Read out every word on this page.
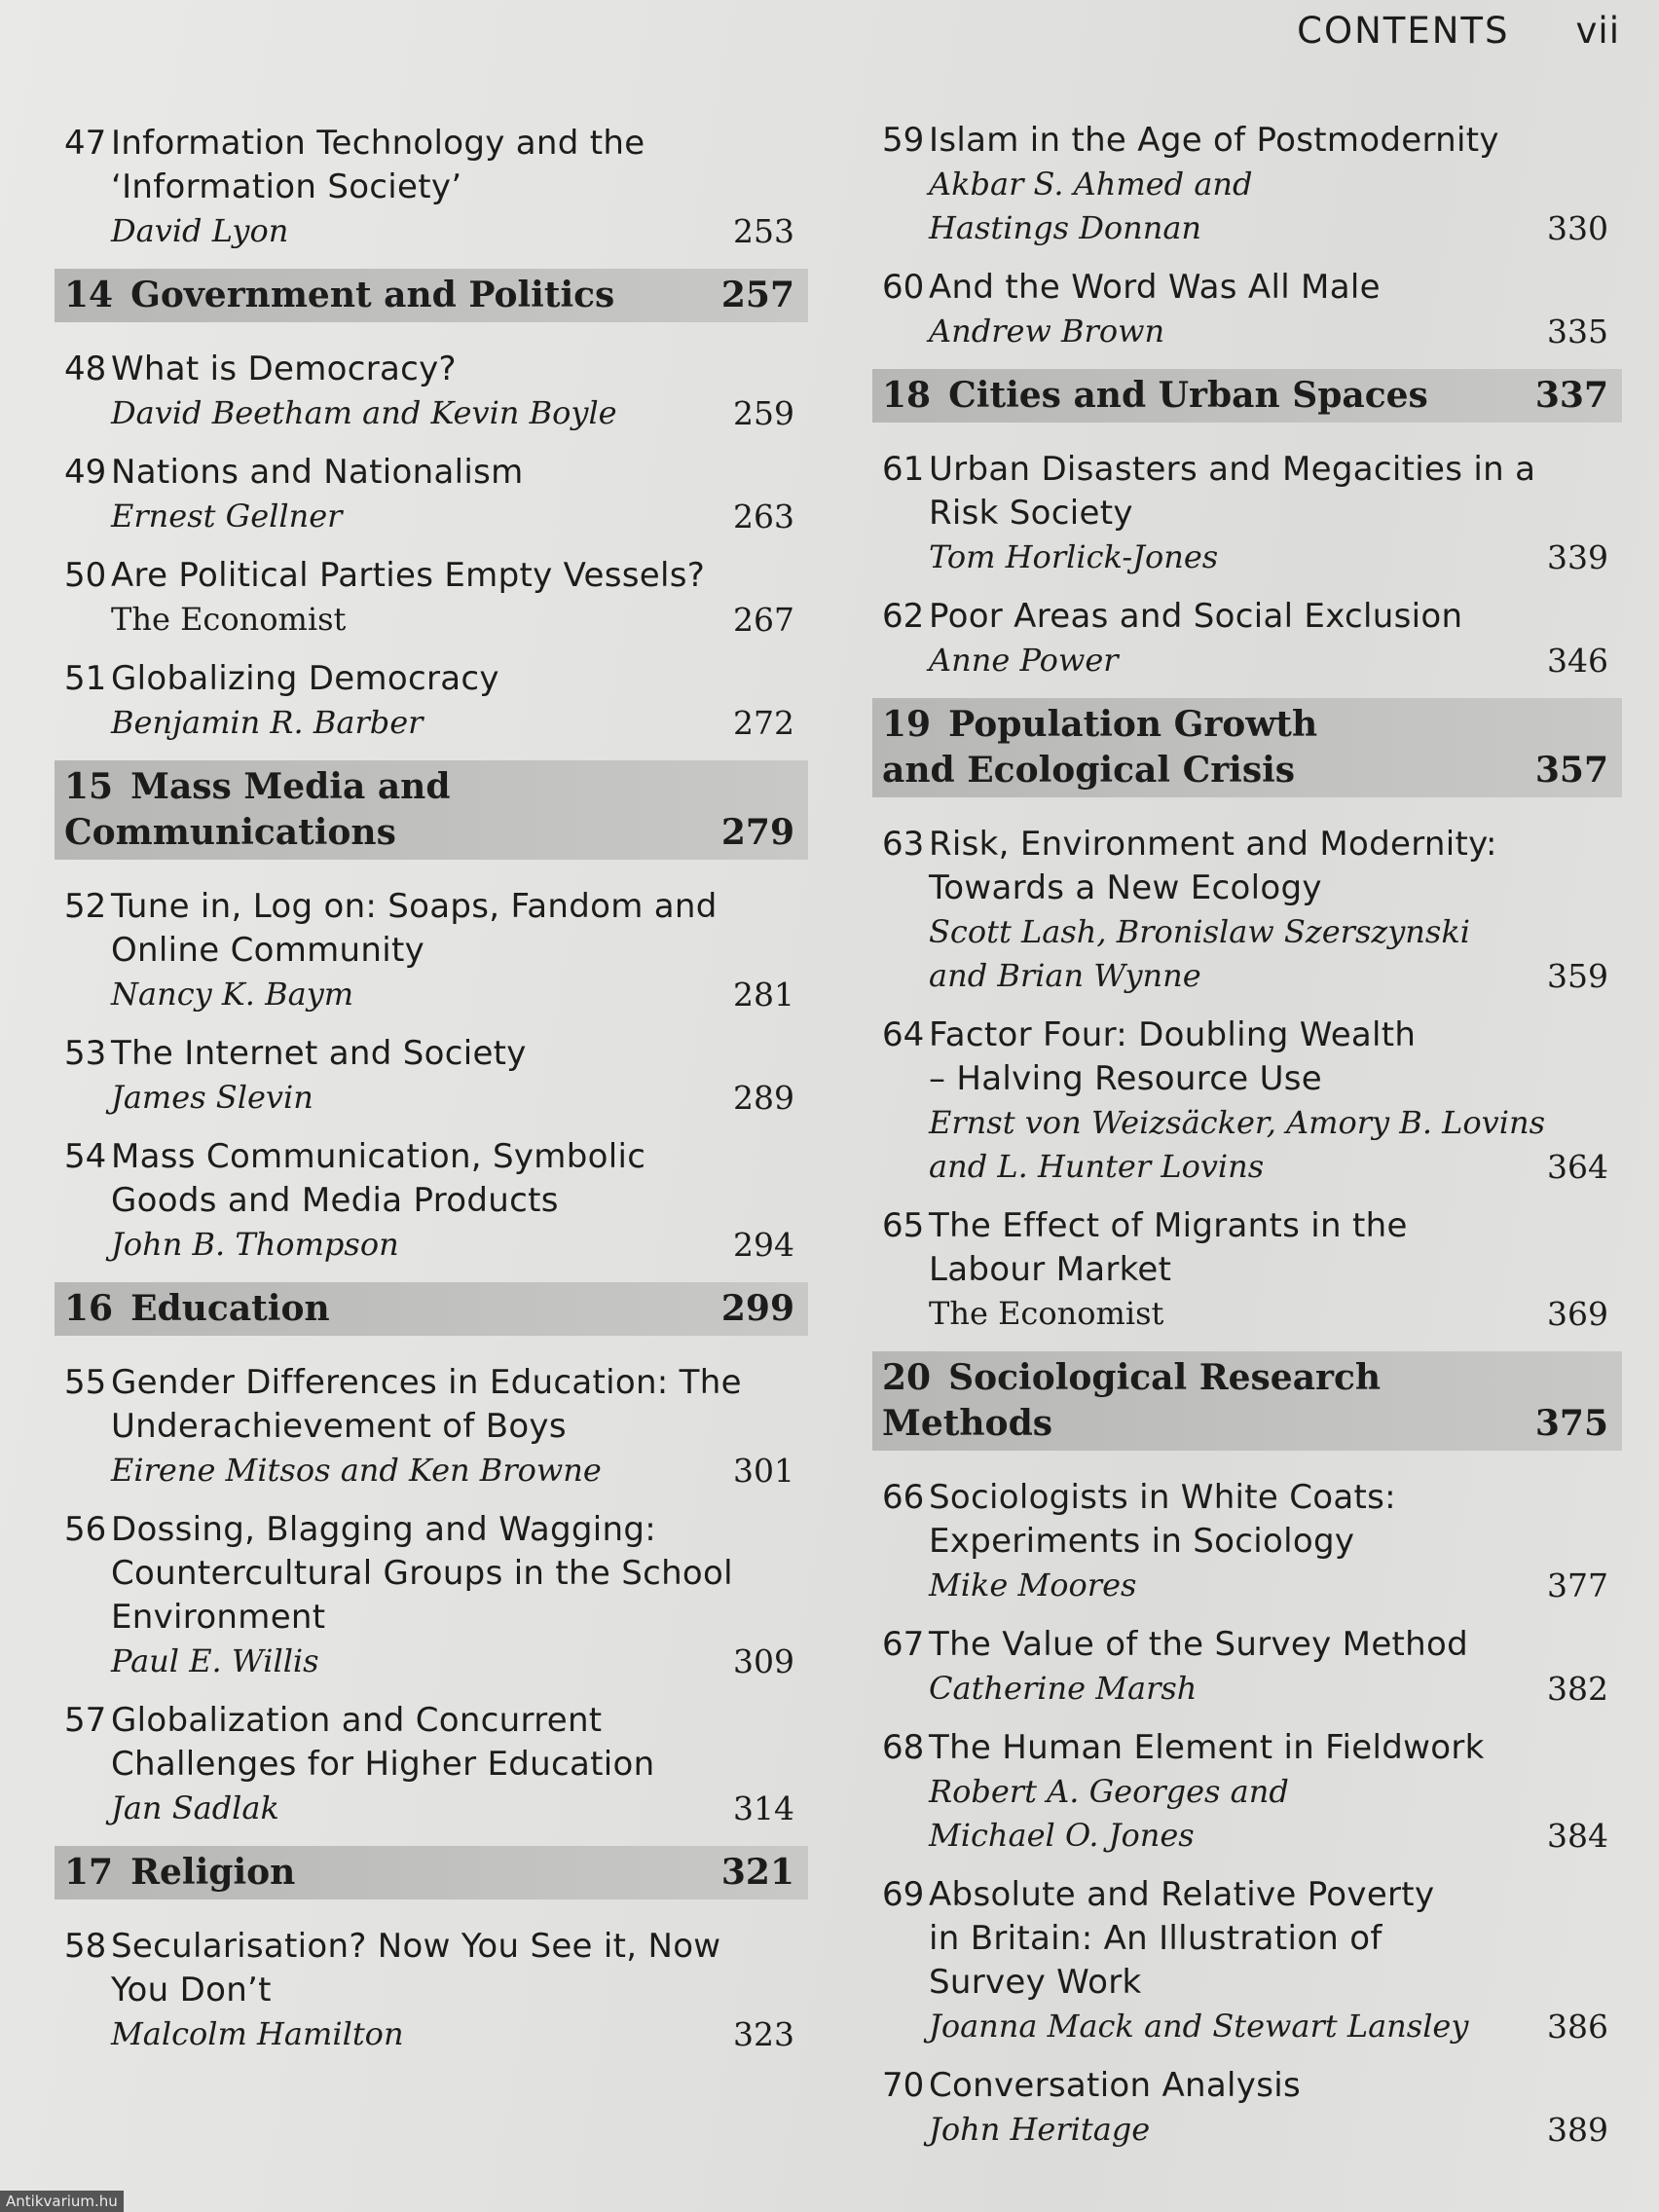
CONTENTS vii
47 Information Technology and the ‘Information Society’
David Lyon	253
14 Government and Politics	257
48 What is Democracy?
David Beetham and Kevin Boyle	259
49 Nations and Nationalism
Ernest Gellner	263
50 Are Political Parties Empty Vessels?
The Economist	267
51 Globalizing Democracy
Benjamin R. Barber	272
15 Mass Media and Communications	279
52 Tune in, Log on: Soaps, Fandom and Online Community
Nancy K. Baym	281
53 The Internet and Society
James Slevin	289
54 Mass Communication, Symbolic Goods and Media Products
John B. Thompson	294
16 Education	299
55 Gender Differences in Education: The Underachievement of Boys
Eirene Mitsos and Ken Browne	301
56 Dossing, Blagging and Wagging: Countercultural Groups in the School Environment
Paul E. Willis	309
57 Globalization and Concurrent Challenges for Higher Education
Jan Sadlak	314
17 Religion	321
58 Secularisation? Now You See it, Now You Don’t
Malcolm Hamilton	323
59 Islam in the Age of Postmodernity
Akbar S. Ahmed and Hastings Donnan	330
60 And the Word Was All Male
Andrew Brown	335
18 Cities and Urban Spaces	337
61 Urban Disasters and Megacities in a Risk Society
Tom Horlick-Jones	339
62 Poor Areas and Social Exclusion
Anne Power	346
19 Population Growth and Ecological Crisis	357
63 Risk, Environment and Modernity: Towards a New Ecology
Scott Lash, Bronislaw Szerszynski and Brian Wynne	359
64 Factor Four: Doubling Wealth – Halving Resource Use
Ernst von Weizsäcker, Amory B. Lovins and L. Hunter Lovins	364
65 The Effect of Migrants in the Labour Market
The Economist	369
20 Sociological Research Methods	375
66 Sociologists in White Coats: Experiments in Sociology
Mike Moores	377
67 The Value of the Survey Method
Catherine Marsh	382
68 The Human Element in Fieldwork
Robert A. Georges and Michael O. Jones	384
69 Absolute and Relative Poverty in Britain: An Illustration of Survey Work
Joanna Mack and Stewart Lansley	386
70 Conversation Analysis
John Heritage	389
Antikvarium.hu
